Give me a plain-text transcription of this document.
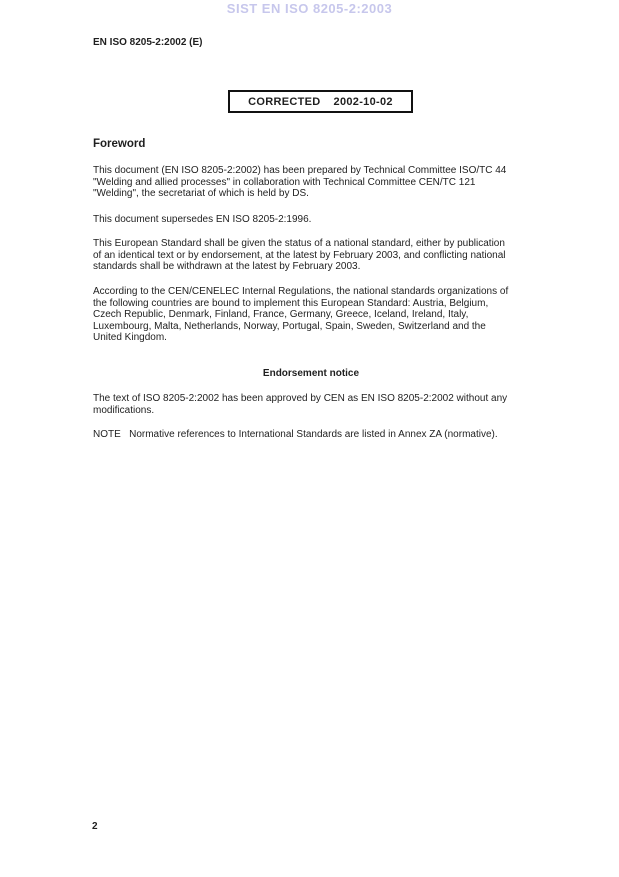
SIST EN ISO 8205-2:2003
EN ISO 8205-2:2002 (E)
CORRECTED 2002-10-02
Foreword

This document (EN ISO 8205-2:2002) has been prepared by Technical Committee ISO/TC 44
"Welding and allied processes" in collaboration with Technical Committee CEN/TC 121
"Welding", the secretariat of which is held by DS.

This document supersedes EN ISO 8205-2:1996.

This European Standard shall be given the status of a national standard, either by publication
of an identical text or by endorsement, at the latest by February 2003, and conflicting national
standards shall be withdrawn at the latest by February 2003.

According to the CEN/CENELEC Internal Regulations, the national standards organizations of
the following countries are bound to implement this European Standard: Austria, Belgium,
Czech Republic, Denmark, Finland, France, Germany, Greece, Iceland, Ireland, Italy,
Luxembourg, Malta, Netherlands, Norway, Portugal, Spain, Sweden, Switzerland and the
United Kingdom.

Endorsement notice

The text of ISO 8205-2:2002 has been approved by CEN as EN ISO 8205-2:2002 without any
modifications.

NOTE   Normative references to International Standards are listed in Annex ZA (normative).

2
